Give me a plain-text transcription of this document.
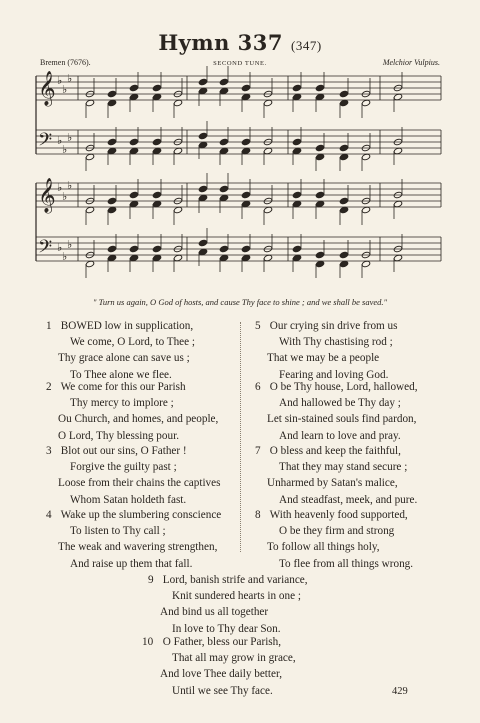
Hymn 337 (347)
Bremen (7676).	SECOND TUNE.	Melchior Vulpius.
𝄞
𝄢
♭
♭
♭
♭
♭
♭
𝄞
𝄢
♭
♭
♭
♭
♭
♭
" Turn us again, O God of hosts, and cause Thy face to shine ; and we shall be saved."
1 BOWED low in supplication,
We come, O Lord, to Thee ;
Thy grace alone can save us ;
To Thee alone we flee.
2 We come for this our Parish
Thy mercy to implore ;
Ou Church, and homes, and people,
O Lord, Thy blessing pour.
3 Blot out our sins, O Father !
Forgive the guilty past ;
Loose from their chains the captives
Whom Satan holdeth fast.
4 Wake up the slumbering conscience
To listen to Thy call ;
The weak and wavering strengthen,
And raise up them that fall.
5 Our crying sin drive from us
With Thy chastising rod ;
That we may be a people
Fearing and loving God.
6 O be Thy house, Lord, hallowed,
And hallowed be Thy day ;
Let sin-stained souls find pardon,
And learn to love and pray.
7 O bless and keep the faithful,
That they may stand secure ;
Unharmed by Satan's malice,
And steadfast, meek, and pure.
8 With heavenly food supported,
O be they firm and strong
To follow all things holy,
To flee from all things wrong.
9 Lord, banish strife and variance,
Knit sundered hearts in one ;
And bind us all together
In love to Thy dear Son.
10 O Father, bless our Parish,
That all may grow in grace,
And love Thee daily better,
Until we see Thy face.	429
